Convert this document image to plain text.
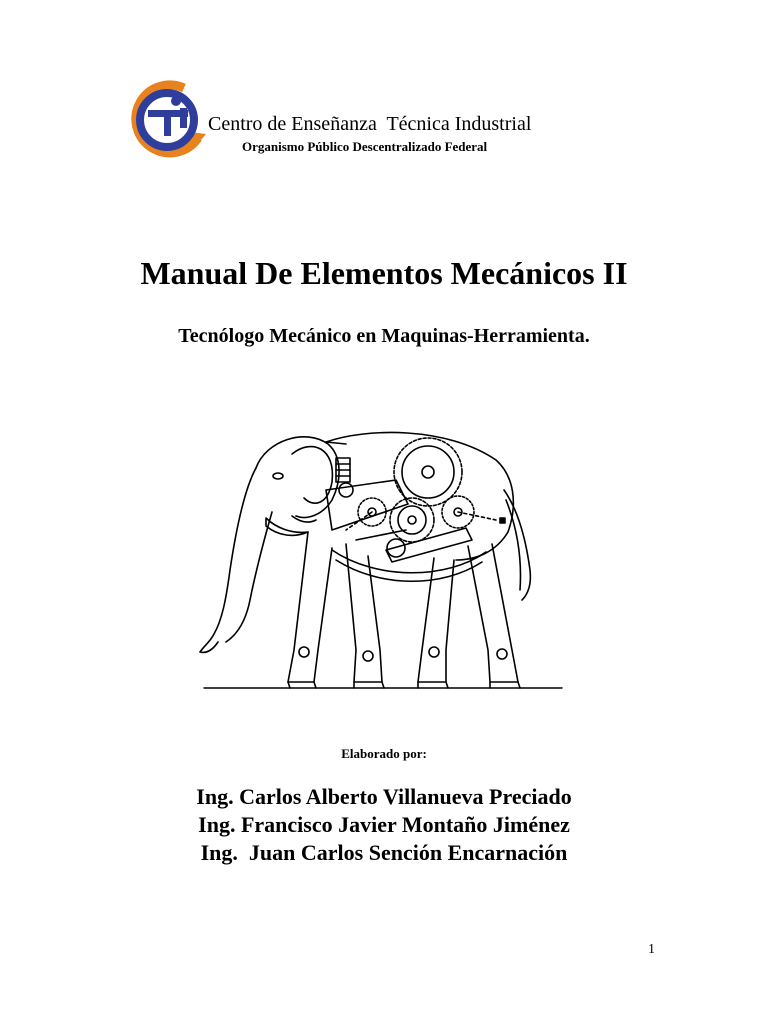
Centro de Enseñanza  Técnica Industrial
Organismo Público Descentralizado Federal
Manual De Elementos Mecánicos II
Tecnólogo Mecánico en Maquinas-Herramienta.
Elaborado por:
Ing. Carlos Alberto Villanueva Preciado
Ing. Francisco Javier Montaño Jiménez
Ing.  Juan Carlos Sención Encarnación
1
